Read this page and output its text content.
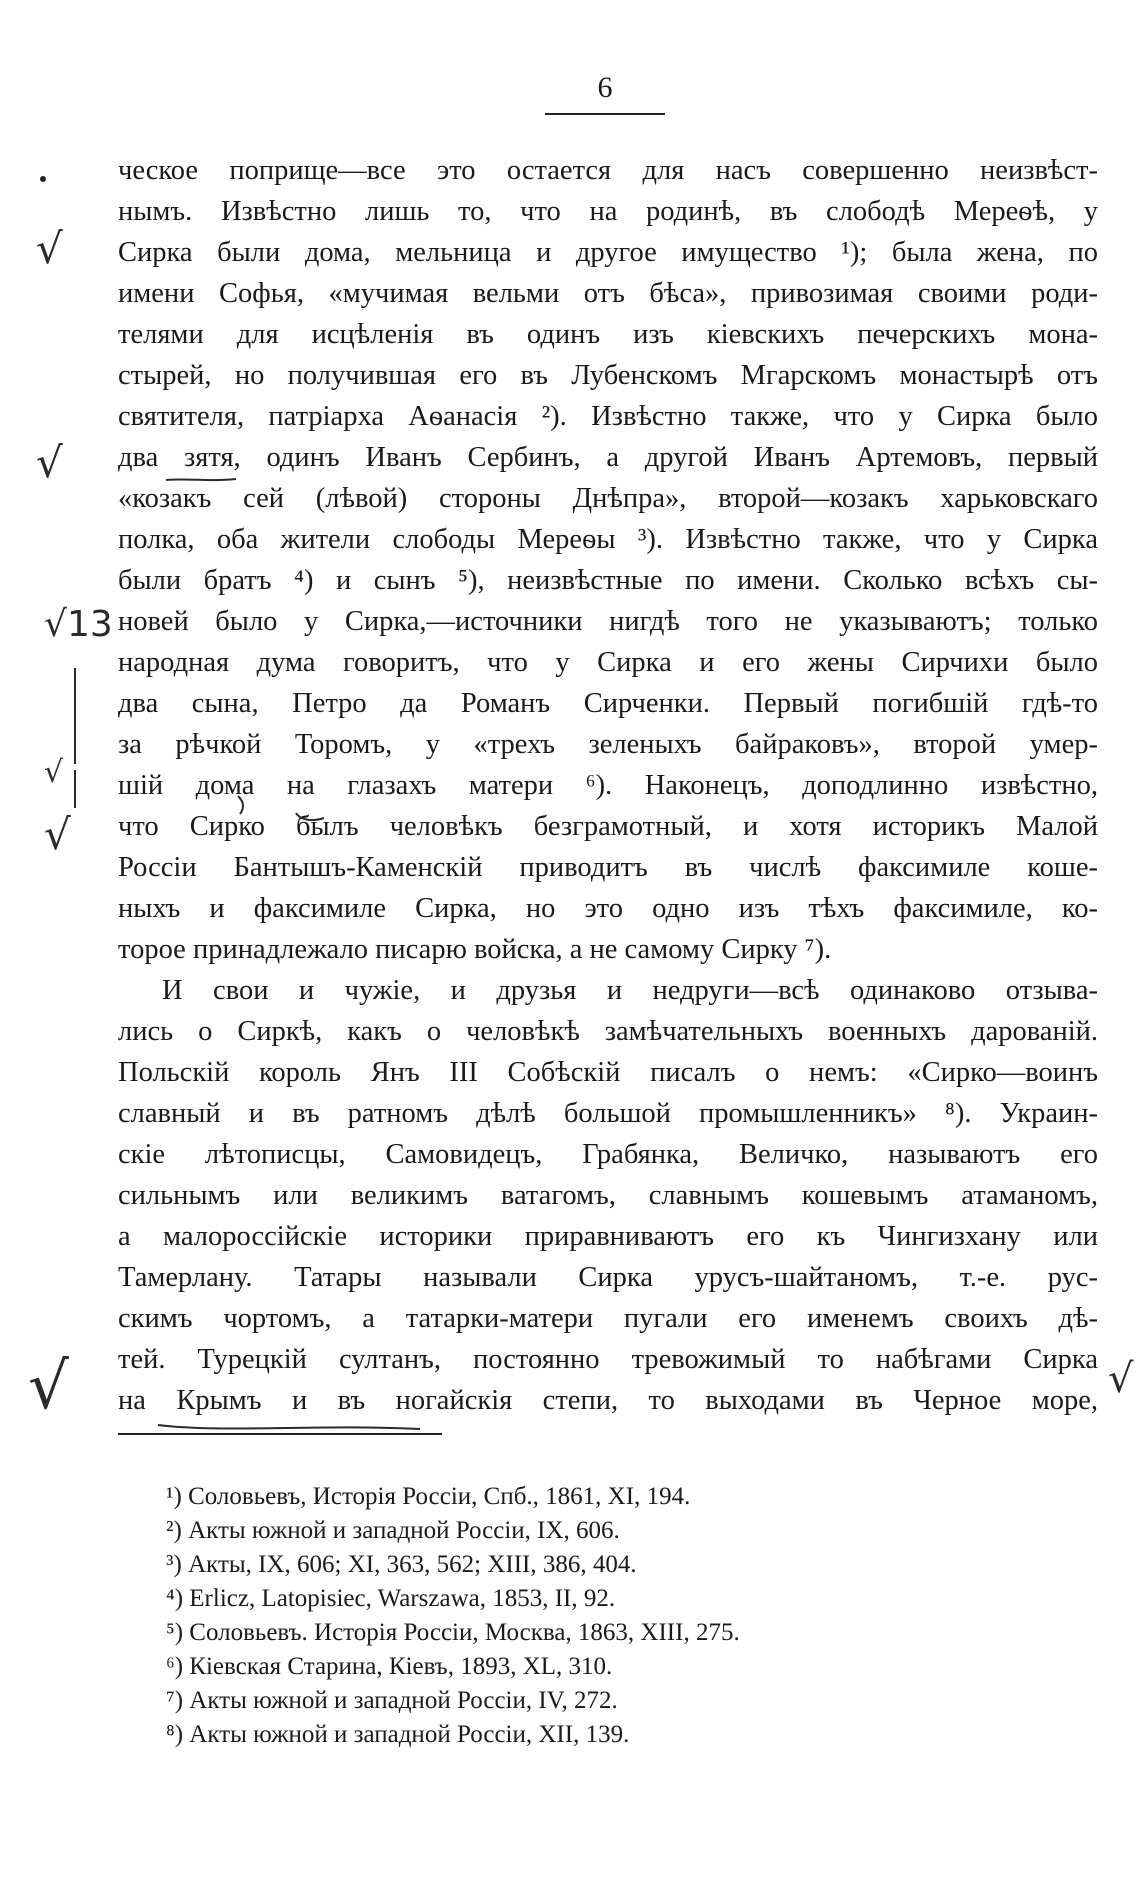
6
ческое поприще—все это остается для насъ совершенно неизвѣст-
нымъ. Извѣстно лишь то, что на родинѣ, въ слободѣ Мереѳѣ, у
Сирка были дома, мельница и другое имущество ¹); была жена, по
имени Софья, «мучимая вельми отъ бѣса», привозимая своими роди-
телями для исцѣленія въ одинъ изъ кіевскихъ печерскихъ мона-
стырей, но получившая его въ Лубенскомъ Мгарскомъ монастырѣ отъ
святителя, патріарха Аѳанасія ²). Извѣстно также, что у Сирка было
два зятя, одинъ Иванъ Сербинъ, а другой Иванъ Артемовъ, первый
«козакъ сей (лѣвой) стороны Днѣпра», второй—козакъ харьковскаго
полка, оба жители слободы Мереѳы ³). Извѣстно также, что у Сирка
были братъ ⁴) и сынъ ⁵), неизвѣстные по имени. Сколько всѣхъ сы-
новей было у Сирка,—источники нигдѣ того не указываютъ; только
народная дума говоритъ, что у Сирка и его жены Сирчихи было
два сына, Петро да Романъ Сирченки. Первый погибшій гдѣ-то
за рѣчкой Торомъ, у «трехъ зеленыхъ байраковъ», второй умер-
шій дома на глазахъ матери ⁶). Наконецъ, доподлинно извѣстно,
что Сирко былъ человѣкъ безграмотный, и хотя историкъ Малой
Россіи Бантышъ-Каменскій приводитъ въ числѣ факсимиле коше-
ныхъ и факсимиле Сирка, но это одно изъ тѣхъ факсимиле, ко-
торое принадлежало писарю войска, а не самому Сирку ⁷).
И свои и чужіе, и друзья и недруги—всѣ одинаково отзыва-
лись о Сиркѣ, какъ о человѣкѣ замѣчательныхъ военныхъ дарованій.
Польскій король Янъ III Собѣскій писалъ о немъ: «Сирко—воинъ
славный и въ ратномъ дѣлѣ большой промышленникъ» ⁸). Украин-
скіе лѣтописцы, Самовидецъ, Грабянка, Величко, называютъ его
сильнымъ или великимъ ватагомъ, славнымъ кошевымъ атаманомъ,
а малороссійскіе историки приравниваютъ его къ Чингизхану или
Тамерлану. Татары называли Сирка урусъ-шайтаномъ, т.-е. рус-
скимъ чортомъ, а татарки-матери пугали его именемъ своихъ дѣ-
тей. Турецкій султанъ, постоянно тревожимый то набѣгами Сирка
на Крымъ и въ ногайскія степи, то выходами въ Черное море,
¹) Соловьевъ, Исторія Россіи, Спб., 1861, XI, 194.
²) Акты южной и западной Россіи, IX, 606.
³) Акты, IX, 606; XI, 363, 562; XIII, 386, 404.
⁴) Erlicz, Latopisiec, Warszawa, 1853, II, 92.
⁵) Соловьевъ. Исторія Россіи, Москва, 1863, XIII, 275.
⁶) Кіевская Старина, Кіевъ, 1893, XL, 310.
⁷) Акты южной и западной Россіи, IV, 272.
⁸) Акты южной и западной Россіи, XII, 139.
√
√
√13
√
√
√	√
